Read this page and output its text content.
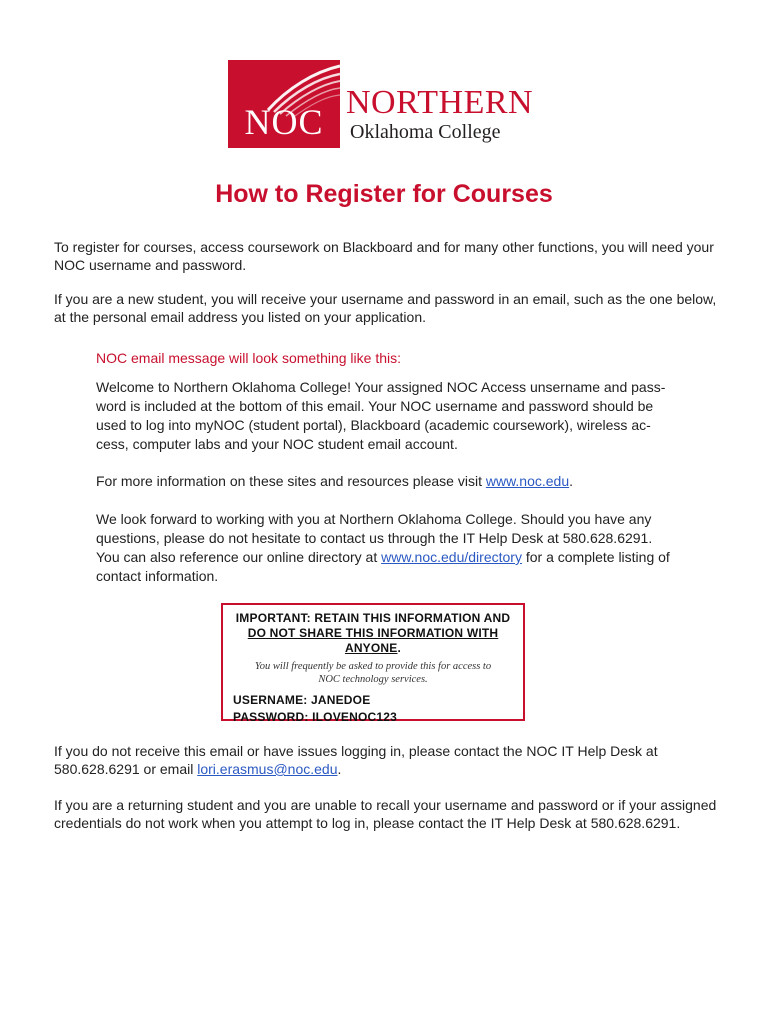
NOC NORTHERN
Oklahoma College
How to Register for Courses

To register for courses, access coursework on Blackboard and for many other functions, you will need your NOC username and password.

If you are a new student, you will receive your username and password in an email, such as the one below, at the personal email address you listed on your application.

NOC email message will look something like this:

Welcome to Northern Oklahoma College! Your assigned NOC Access unsername and pass-word is included at the bottom of this email. Your NOC username and password should be used to log into myNOC (student portal), Blackboard (academic coursework), wireless ac-cess, computer labs and your NOC student email account.

For more information on these sites and resources please visit www.noc.edu.

We look forward to working with you at Northern Oklahoma College. Should you have any questions, please do not hesitate to contact us through the IT Help Desk at 580.628.6291. You can also reference our online directory at www.noc.edu/directory for a complete listing of contact information.

IMPORTANT: RETAIN THIS INFORMATION AND
DO NOT SHARE THIS INFORMATION WITH ANYONE.
You will frequently be asked to provide this for access to
NOC technology services.
USERNAME: JANEDOE
PASSWORD: ILOVENOC123

If you do not receive this email or have issues logging in, please contact the NOC IT Help Desk at 580.628.6291 or email lori.erasmus@noc.edu.

If you are a returning student and you are unable to recall your username and password or if your assigned credentials do not work when you attempt to log in, please contact the IT Help Desk at 580.628.6291.
